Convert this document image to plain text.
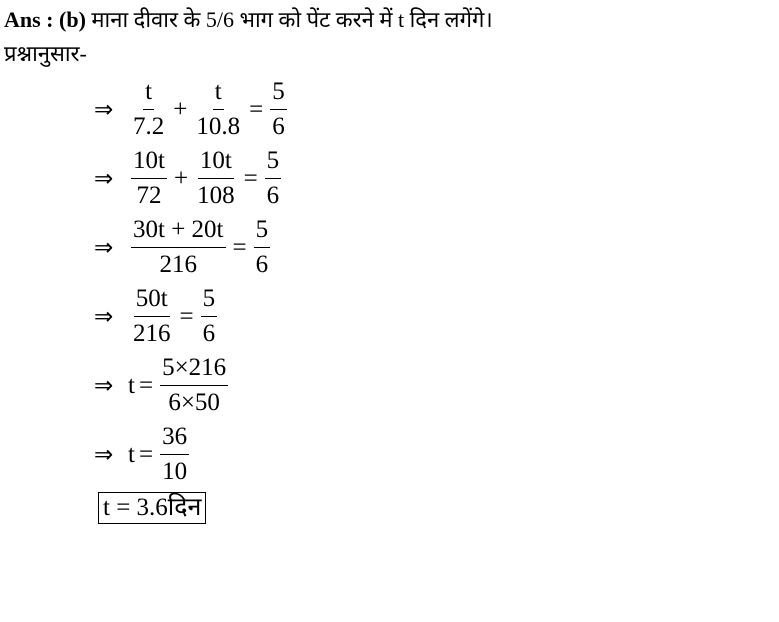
Ans : (b) माना दीवार के 5/6 भाग को पेंट करने में t दिन लगेंगे।
प्रश्नानुसार-
⇒ $\frac{t}{7.2} + \frac{t}{10.8} = \frac{5}{6}$
⇒ $\frac{10t}{72} + \frac{10t}{108} = \frac{5}{6}$
⇒ $\frac{30t + 20t}{216} = \frac{5}{6}$
⇒ $\frac{50t}{216} = \frac{5}{6}$
⇒ $t = \frac{5\times 216}{6\times 50}$
⇒ $t = \frac{36}{10}$
t = 3.6दिन
